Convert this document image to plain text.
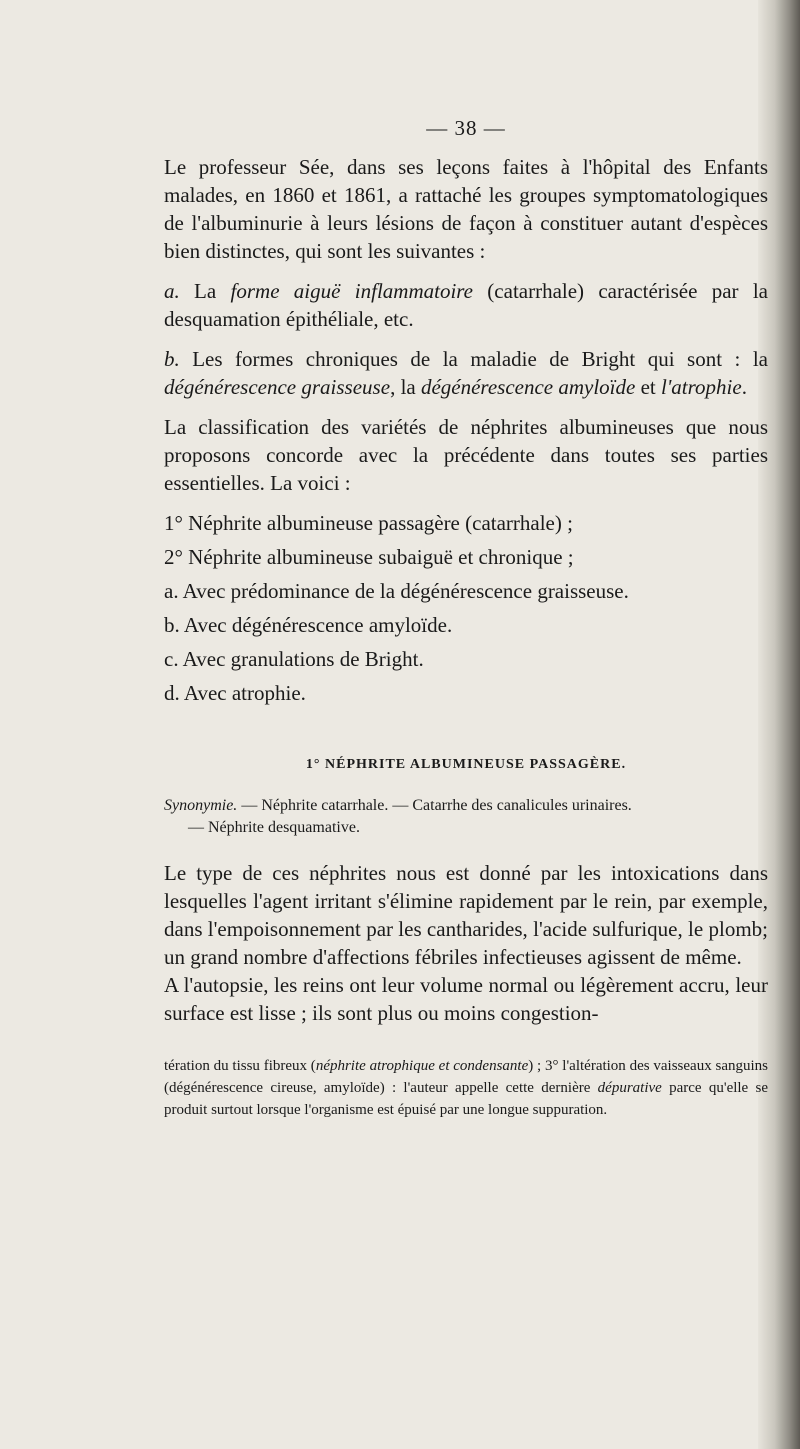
— 38 —

Le professeur Sée, dans ses leçons faites à l'hôpital des Enfants malades, en 1860 et 1861, a rattaché les groupes symptomatologiques de l'albuminurie à leurs lésions de façon à constituer autant d'espèces bien distinctes, qui sont les suivantes :

a. La forme aiguë inflammatoire (catarrhale) caractérisée par la desquamation épithéliale, etc.

b. Les formes chroniques de la maladie de Bright qui sont : la dégénérescence graisseuse, la dégénérescence amyloïde et l'atrophie.

La classification des variétés de néphrites albumineuses que nous proposons concorde avec la précédente dans toutes ses parties essentielles. La voici :

1° Néphrite albumineuse passagère (catarrhale) ;

2° Néphrite albumineuse subaiguë et chronique ;

a. Avec prédominance de la dégénérescence graisseuse.

b. Avec dégénérescence amyloïde.

c. Avec granulations de Bright.

d. Avec atrophie.

1° NÉPHRITE ALBUMINEUSE PASSAGÈRE.

Synonymie. — Néphrite catarrhale. — Catarrhe des canalicules urinaires.

— Néphrite desquamative.

Le type de ces néphrites nous est donné par les intoxications dans lesquelles l'agent irritant s'élimine rapidement par le rein, par exemple, dans l'empoisonnement par les cantharides, l'acide sulfurique, le plomb; un grand nombre d'affections fébriles infectieuses agissent de même.

A l'autopsie, les reins ont leur volume normal ou légèrement accru, leur surface est lisse ; ils sont plus ou moins congestion-

tération du tissu fibreux (néphrite atrophique et condensante) ; 3° l'altération des vaisseaux sanguins (dégénérescence cireuse, amyloïde) : l'auteur appelle cette dernière dépurative parce qu'elle se produit surtout lorsque l'organisme est épuisé par une longue suppuration.
